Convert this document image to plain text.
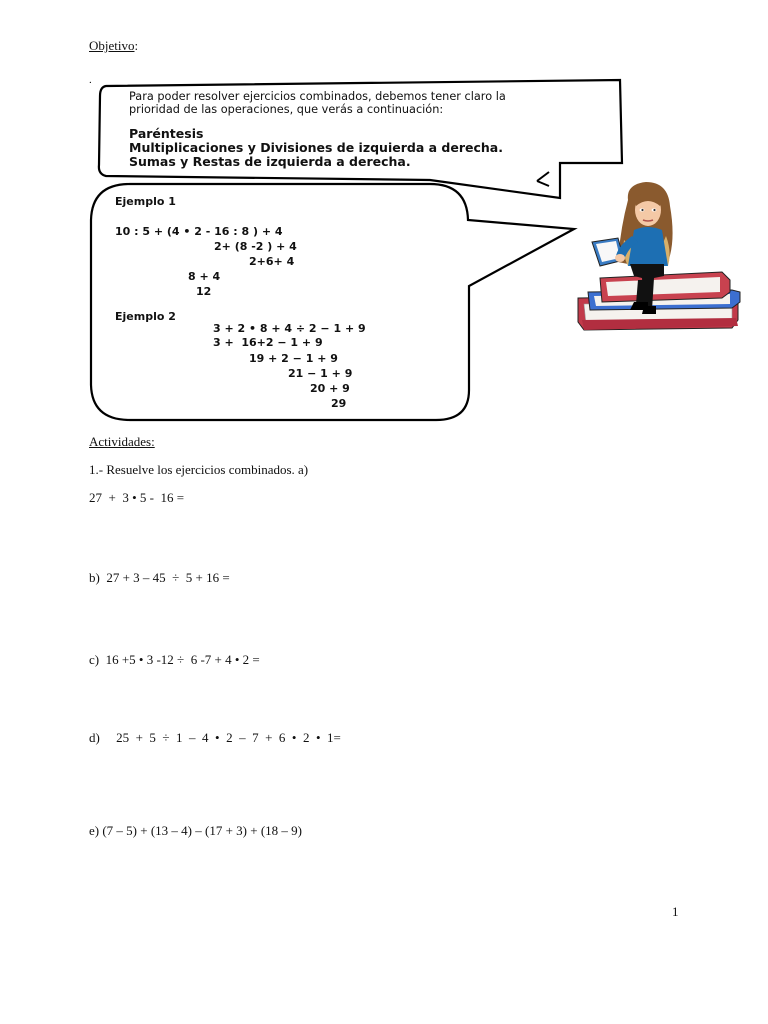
Objetivo:
.
Para poder resolver ejercicios combinados, debemos tener claro la
prioridad de las operaciones, que verás a continuación:
Paréntesis
Multiplicaciones y Divisiones de izquierda a derecha.
Sumas y Restas de izquierda a derecha.
Ejemplo 1
10 : 5 + (4 • 2 - 16 : 8 ) + 4
2+ (8 -2 ) + 4
2+6+ 4
8 + 4
12
Ejemplo 2
3 + 2 • 8 + 4 ÷ 2 − 1 + 9
3 +  16+2 − 1 + 9
19 + 2 − 1 + 9
21 − 1 + 9
20 + 9
29
Actividades:
1.- Resuelve los ejercicios combinados. a)
27  +  3 • 5 -  16 =
b)  27 + 3 – 45  ÷  5 + 16 =
c)  16 +5 • 3 -12 ÷  6 -7 + 4 • 2 =
d)     25  +  5  ÷  1  –  4  •  2  –  7  +  6  •  2  •  1=
e) (7 – 5) + (13 – 4) – (17 + 3) + (18 – 9)
1
